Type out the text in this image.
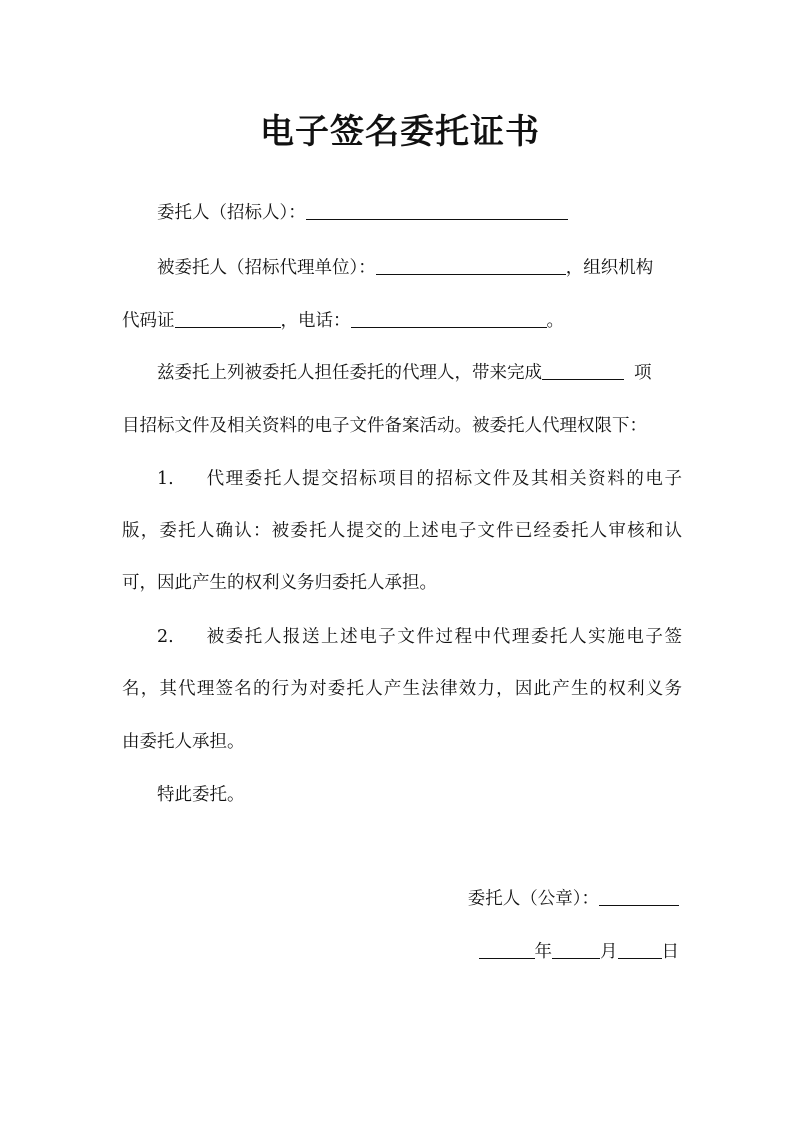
电子签名委托证书
委托人（招标人）：
被委托人（招标代理单位）：	，组织机构
代码证	，电话：	。
兹委托上列被委托人担任委托的代理人，带来完成	项
目招标文件及相关资料的电子文件备案活动。被委托人代理权限下：
1. 代理委托人提交招标项目的招标文件及其相关资料的电子
版，委托人确认：被委托人提交的上述电子文件已经委托人审核和认
可，因此产生的权利义务归委托人承担。
2. 被委托人报送上述电子文件过程中代理委托人实施电子签
名，其代理签名的行为对委托人产生法律效力，因此产生的权利义务
由委托人承担。
特此委托。
委托人（公章）：
年	月	日
